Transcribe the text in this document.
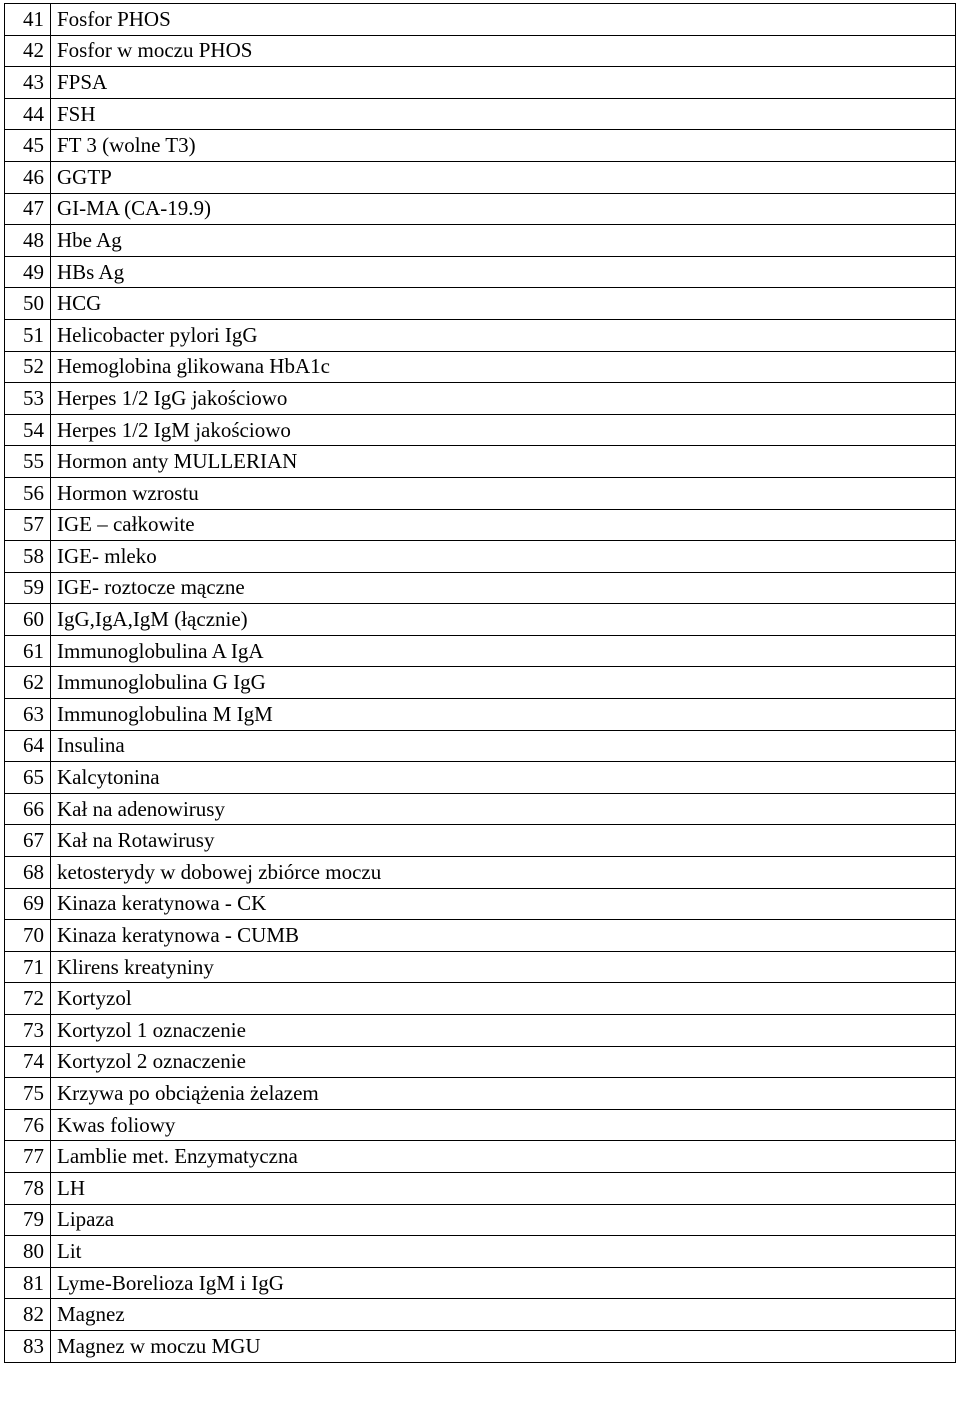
41	Fosfor PHOS
42	Fosfor w moczu PHOS
43	FPSA
44	FSH
45	FT 3 (wolne T3)
46	GGTP
47	GI-MA (CA-19.9)
48	Hbe Ag
49	HBs Ag
50	HCG
51	Helicobacter pylori IgG
52	Hemoglobina glikowana HbA1c
53	Herpes 1/2 IgG jakościowo
54	Herpes 1/2 IgM jakościowo
55	Hormon anty MULLERIAN
56	Hormon wzrostu
57	IGE – całkowite
58	IGE- mleko
59	IGE- roztocze mączne
60	IgG,IgA,IgM (łącznie)
61	Immunoglobulina A IgA
62	Immunoglobulina G IgG
63	Immunoglobulina M IgM
64	Insulina
65	Kalcytonina
66	Kał na adenowirusy
67	Kał na Rotawirusy
68	ketosterydy w dobowej zbiórce moczu
69	Kinaza keratynowa - CK
70	Kinaza keratynowa - CUMB
71	Klirens kreatyniny
72	Kortyzol
73	Kortyzol 1 oznaczenie
74	Kortyzol 2 oznaczenie
75	Krzywa po obciążenia żelazem
76	Kwas foliowy
77	Lamblie met. Enzymatyczna
78	LH
79	Lipaza
80	Lit
81	Lyme-Borelioza IgM i IgG
82	Magnez
83	Magnez w moczu MGU
